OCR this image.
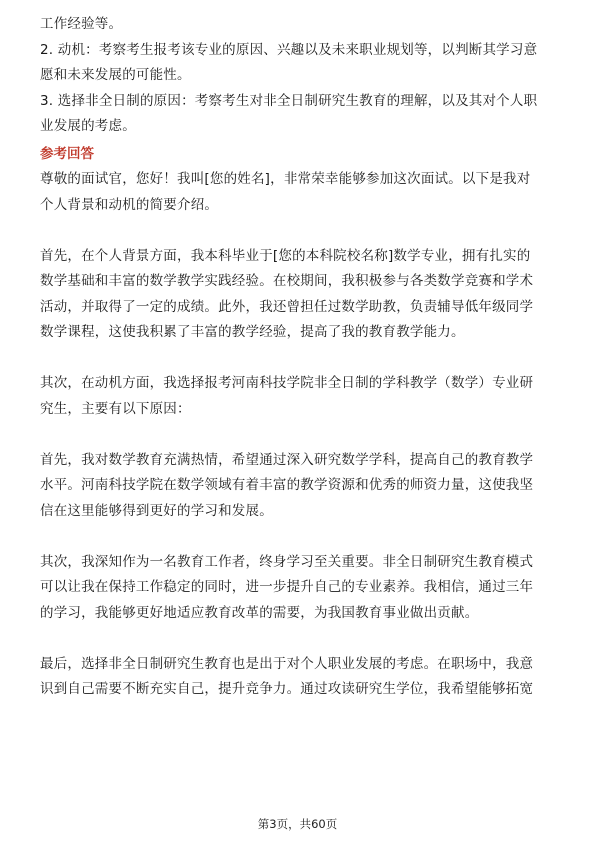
工作经验等。
2. 动机：考察考生报考该专业的原因、兴趣以及未来职业规划等，以判断其学习意
愿和未来发展的可能性。
3. 选择非全日制的原因：考察考生对非全日制研究生教育的理解，以及其对个人职
业发展的考虑。
参考回答
尊敬的面试官，您好！我叫[您的姓名]，非常荣幸能够参加这次面试。以下是我对
个人背景和动机的简要介绍。
首先，在个人背景方面，我本科毕业于[您的本科院校名称]数学专业，拥有扎实的
数学基础和丰富的数学教学实践经验。在校期间，我积极参与各类数学竞赛和学术
活动，并取得了一定的成绩。此外，我还曾担任过数学助教，负责辅导低年级同学
数学课程，这使我积累了丰富的教学经验，提高了我的教育教学能力。
其次，在动机方面，我选择报考河南科技学院非全日制的学科教学（数学）专业研
究生，主要有以下原因：
首先，我对数学教育充满热情，希望通过深入研究数学学科，提高自己的教育教学
水平。河南科技学院在数学领域有着丰富的教学资源和优秀的师资力量，这使我坚
信在这里能够得到更好的学习和发展。
其次，我深知作为一名教育工作者，终身学习至关重要。非全日制研究生教育模式
可以让我在保持工作稳定的同时，进一步提升自己的专业素养。我相信，通过三年
的学习，我能够更好地适应教育改革的需要，为我国教育事业做出贡献。
最后，选择非全日制研究生教育也是出于对个人职业发展的考虑。在职场中，我意
识到自己需要不断充实自己，提升竞争力。通过攻读研究生学位，我希望能够拓宽
第3页，共60页
